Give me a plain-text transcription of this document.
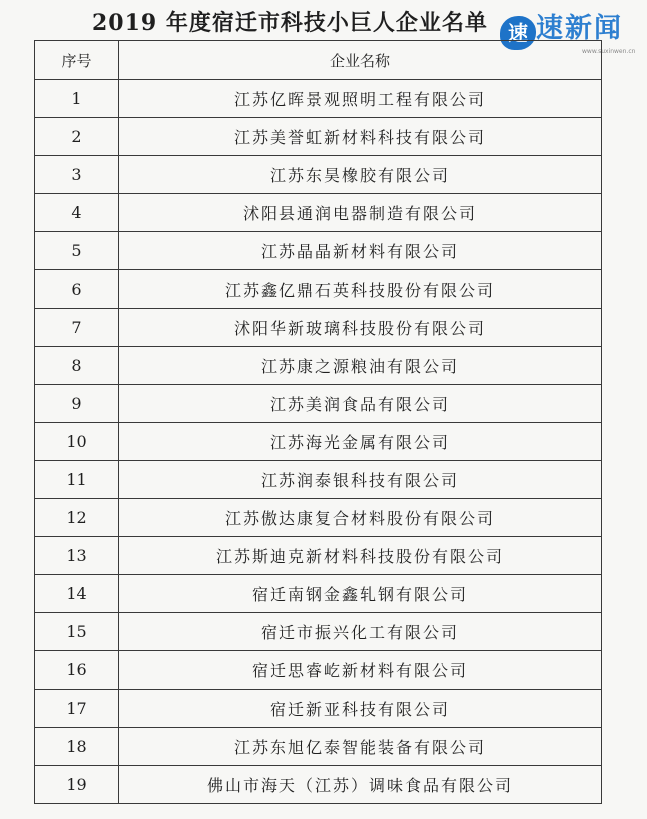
2019 年度宿迁市科技小巨人企业名单	速 速新闻
www.suxinwen.cn
序号	企业名称
1	江苏亿晖景观照明工程有限公司
2	江苏美誉虹新材料科技有限公司
3	江苏东昊橡胶有限公司
4	沭阳县通润电器制造有限公司
5	江苏晶晶新材料有限公司
6	江苏鑫亿鼎石英科技股份有限公司
7	沭阳华新玻璃科技股份有限公司
8	江苏康之源粮油有限公司
9	江苏美润食品有限公司
10	江苏海光金属有限公司
11	江苏润泰银科技有限公司
12	江苏傲达康复合材料股份有限公司
13	江苏斯迪克新材料科技股份有限公司
14	宿迁南钢金鑫轧钢有限公司
15	宿迁市振兴化工有限公司
16	宿迁思睿屹新材料有限公司
17	宿迁新亚科技有限公司
18	江苏东旭亿泰智能装备有限公司
19	佛山市海天（江苏）调味食品有限公司
